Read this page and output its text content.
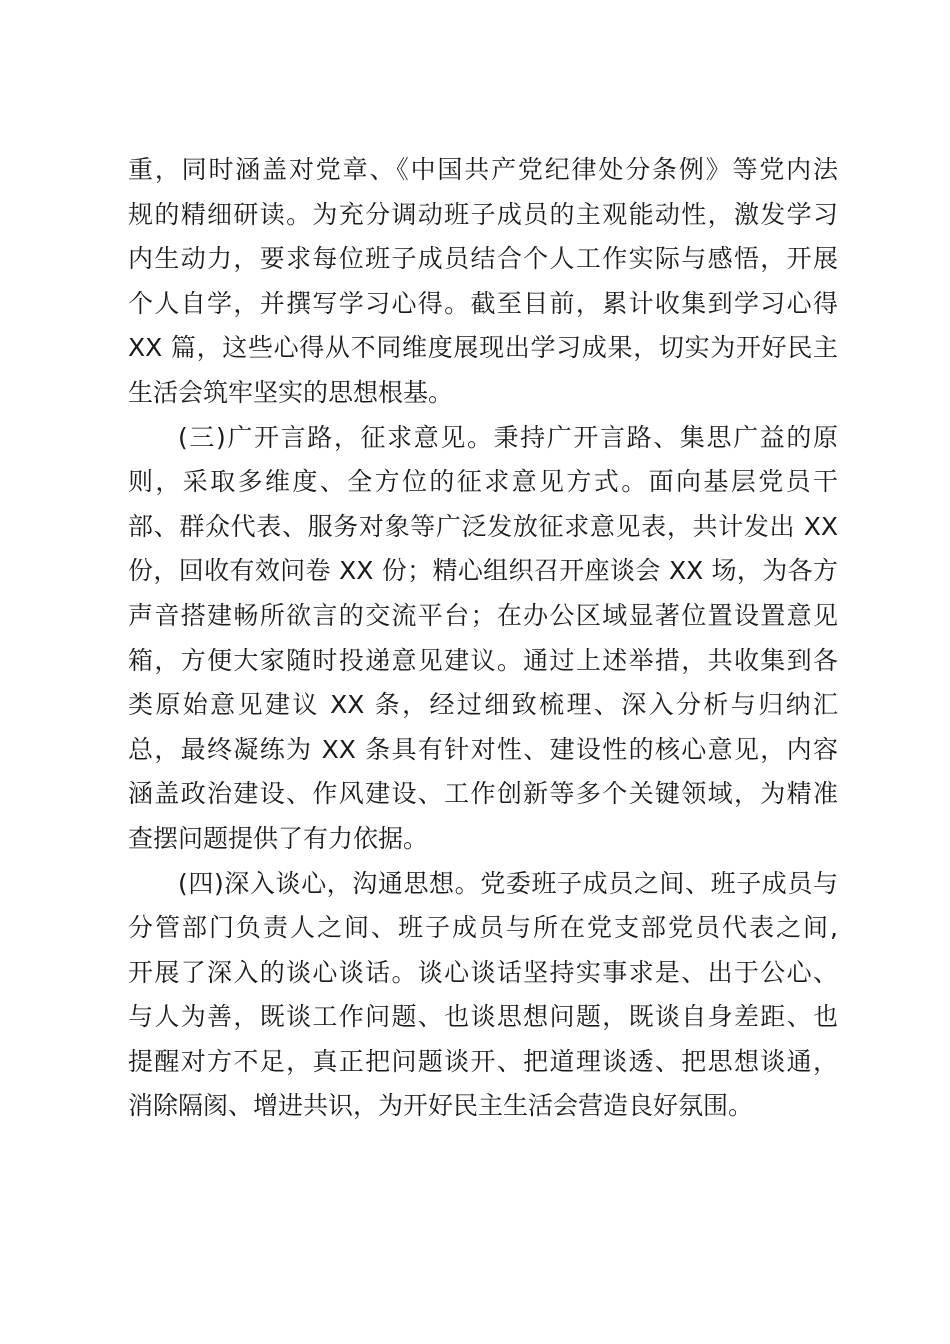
重，同时涵盖对党章、《中国共产党纪律处分条例》等党内法
规的精细研读。为充分调动班子成员的主观能动性，激发学习
内生动力，要求每位班子成员结合个人工作实际与感悟，开展
个人自学，并撰写学习心得。截至目前，累计收集到学习心得
XX 篇，这些心得从不同维度展现出学习成果，切实为开好民主
生活会筑牢坚实的思想根基。
(三)广开言路，征求意见。秉持广开言路、集思广益的原
则，采取多维度、全方位的征求意见方式。面向基层党员干
部、群众代表、服务对象等广泛发放征求意见表，共计发出 XX
份，回收有效问卷 XX 份；精心组织召开座谈会 XX 场，为各方
声音搭建畅所欲言的交流平台；在办公区域显著位置设置意见
箱，方便大家随时投递意见建议。通过上述举措，共收集到各
类原始意见建议 XX 条，经过细致梳理、深入分析与归纳汇
总，最终凝练为 XX 条具有针对性、建设性的核心意见，内容
涵盖政治建设、作风建设、工作创新等多个关键领域，为精准
查摆问题提供了有力依据。
(四)深入谈心，沟通思想。党委班子成员之间、班子成员与
分管部门负责人之间、班子成员与所在党支部党员代表之间,
开展了深入的谈心谈话。谈心谈话坚持实事求是、出于公心、
与人为善，既谈工作问题、也谈思想问题，既谈自身差距、也
提醒对方不足，真正把问题谈开、把道理谈透、把思想谈通，
消除隔阂、增进共识，为开好民主生活会营造良好氛围。
